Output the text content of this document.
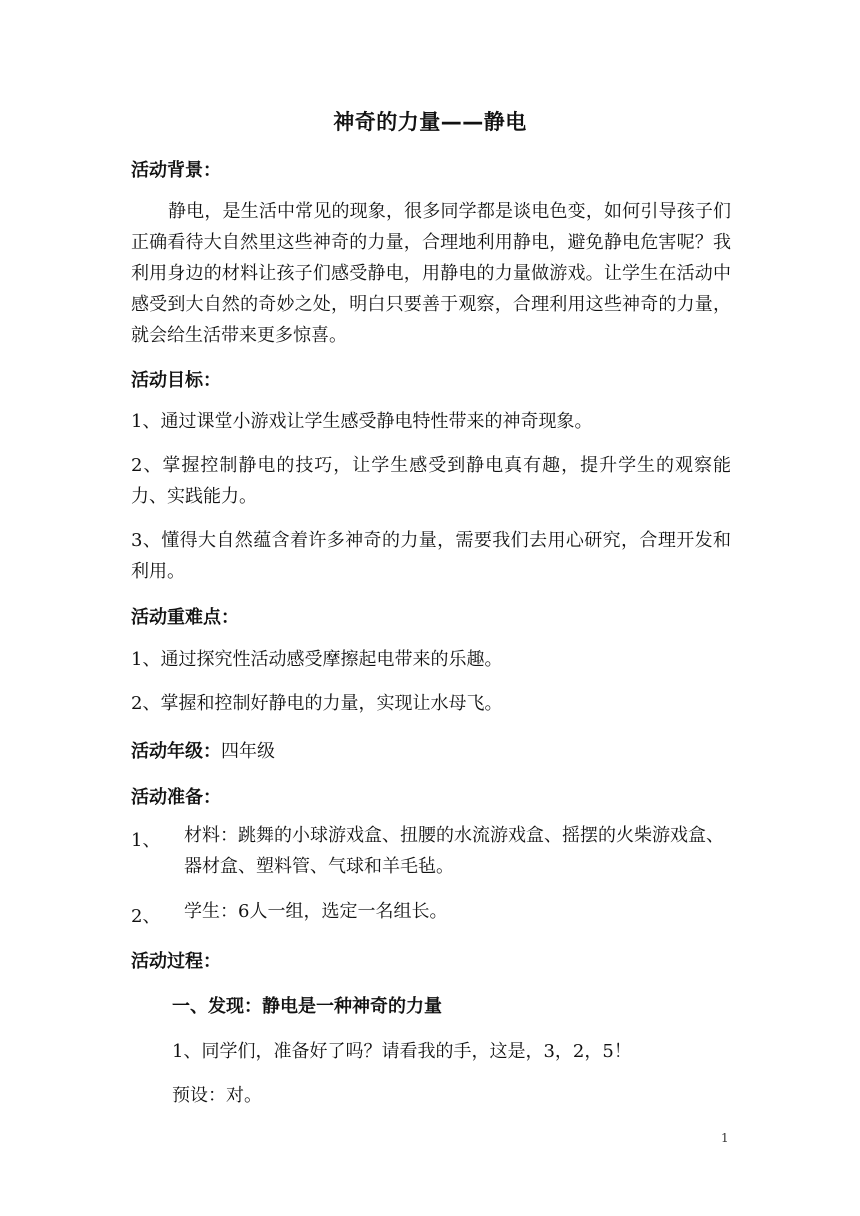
神奇的力量——静电
活动背景：

静电，是生活中常见的现象，很多同学都是谈电色变，如何引导孩子们正确看待大自然里这些神奇的力量，合理地利用静电，避免静电危害呢？我利用身边的材料让孩子们感受静电，用静电的力量做游戏。让学生在活动中感受到大自然的奇妙之处，明白只要善于观察，合理利用这些神奇的力量，就会给生活带来更多惊喜。

活动目标：

1、通过课堂小游戏让学生感受静电特性带来的神奇现象。

2、掌握控制静电的技巧，让学生感受到静电真有趣，提升学生的观察能力、实践能力。

3、懂得大自然蕴含着许多神奇的力量，需要我们去用心研究，合理开发和利用。

活动重难点：

1、通过探究性活动感受摩擦起电带来的乐趣。

2、掌握和控制好静电的力量，实现让水母飞。

活动年级：四年级
活动准备：
1、 材料：跳舞的小球游戏盒、扭腰的水流游戏盒、摇摆的火柴游戏盒、器材盒、塑料管、气球和羊毛毡。

2、 学生：6人一组，选定一名组长。

活动过程：
一、发现：静电是一种神奇的力量
1、同学们，准备好了吗？请看我的手，这是，3，2，5！
预设：对。
1
